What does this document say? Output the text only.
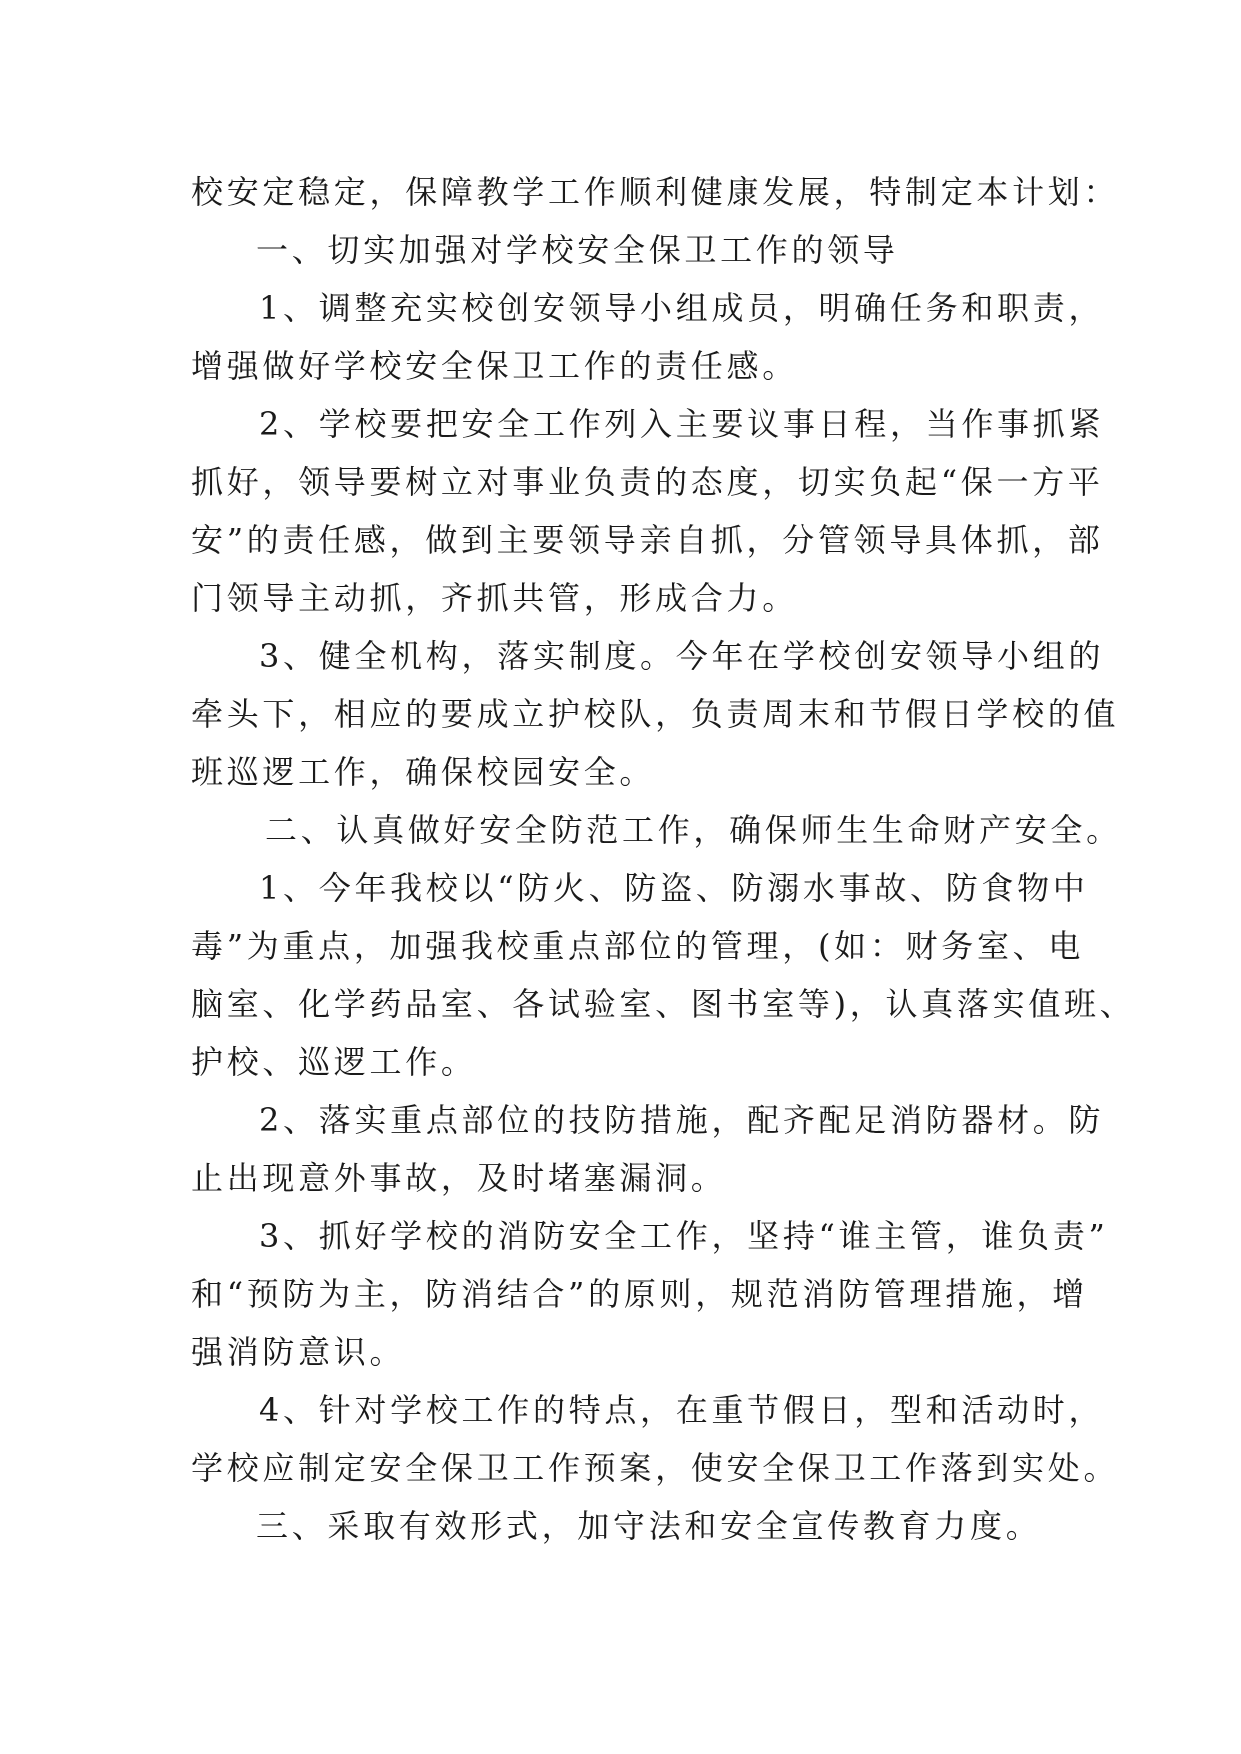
校安定稳定，保障教学工作顺利健康发展，特制定本计划：
一、切实加强对学校安全保卫工作的领导
1、调整充实校创安领导小组成员，明确任务和职责，
增强做好学校安全保卫工作的责任感。
2、学校要把安全工作列入主要议事日程，当作事抓紧
抓好，领导要树立对事业负责的态度，切实负起“保一方平
安”的责任感，做到主要领导亲自抓，分管领导具体抓，部
门领导主动抓，齐抓共管，形成合力。
3、健全机构，落实制度。今年在学校创安领导小组的
牵头下，相应的要成立护校队，负责周末和节假日学校的值
班巡逻工作，确保校园安全。
二、认真做好安全防范工作，确保师生生命财产安全。
1、今年我校以“防火、防盗、防溺水事故、防食物中
毒”为重点，加强我校重点部位的管理，(如：财务室、电
脑室、化学药品室、各试验室、图书室等)，认真落实值班、
护校、巡逻工作。
2、落实重点部位的技防措施，配齐配足消防器材。防
止出现意外事故，及时堵塞漏洞。
3、抓好学校的消防安全工作，坚持“谁主管，谁负责”
和“预防为主，防消结合”的原则，规范消防管理措施，增
强消防意识。
4、针对学校工作的特点，在重节假日，型和活动时，
学校应制定安全保卫工作预案，使安全保卫工作落到实处。
三、采取有效形式，加守法和安全宣传教育力度。
